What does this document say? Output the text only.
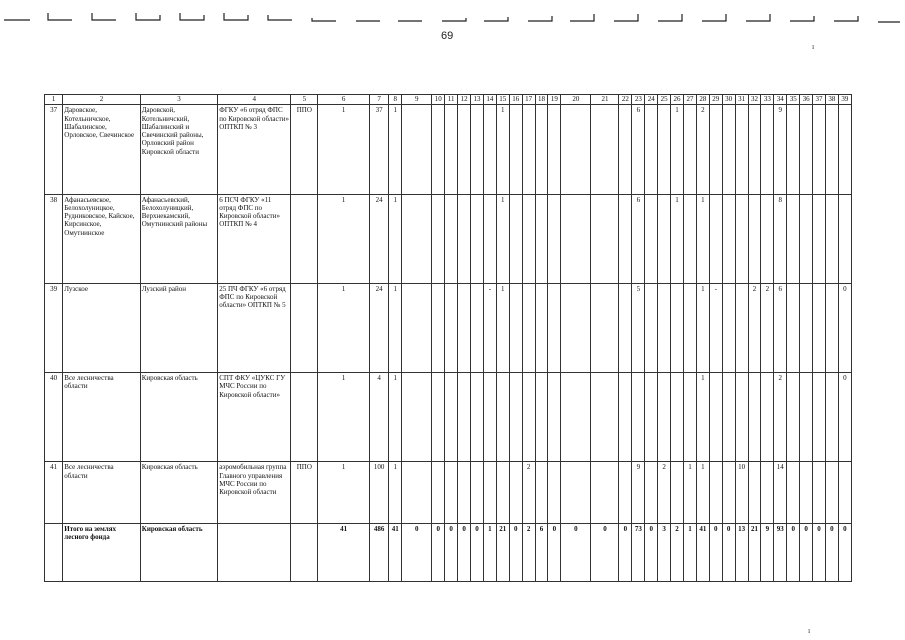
69
ı
ı
1	2	3	4	5	6	7	8	9	10	11	12	13	14	15	16	17	18	19	20	21	22	23	24	25	26	27	28	29	30	31	32	33	34	35	36	37	38	39
37	Даровское, Котельничское, Шабалинское, Орловское, Свечинское	Даровской, Котельничский, Шабалинский и Свечинский районы, Орловский район Кировской области	ФГКУ «6 отряд ФПС по Кировской области» ОПТКП № 3	ППО	1	37	1							1								6			1		2						9					
38	Афанасьевское, Белохолуницкое, Рудниковское, Кайское, Кирсинское, Омутнинское	Афанасьевский, Белохолуницкий, Верхнекамский, Омутнинский районы	6 ПСЧ ФГКУ «11 отряд ФПС по Кировской области» ОПТКП № 4		1	24	1							1								6			1		1						8					
39	Лузское	Лузский район	25 ПЧ ФГКУ «6 отряд ФПС по Кировской области» ОПТКП № 5		1	24	1						-	1								5					1	-			2	2	6					0
40	Все лесничества области	Кировская область	СПТ ФКУ «ЦУКС ГУ МЧС России по Кировской области»		1	4	1																				1						2					0
41	Все лесничества области	Кировская область	аэромобильная группа Главного управления МЧС России по Кировской области	ППО	1	100	1									2						9		2		1	1			10			14					
	Итого на землях лесного фонда	Кировская область			41	486	41	0	0	0	0	0	1	21	0	2	6	0	0	0	0	73	0	3	2	1	41	0	0	13	21	9	93	0	0	0	0	0
